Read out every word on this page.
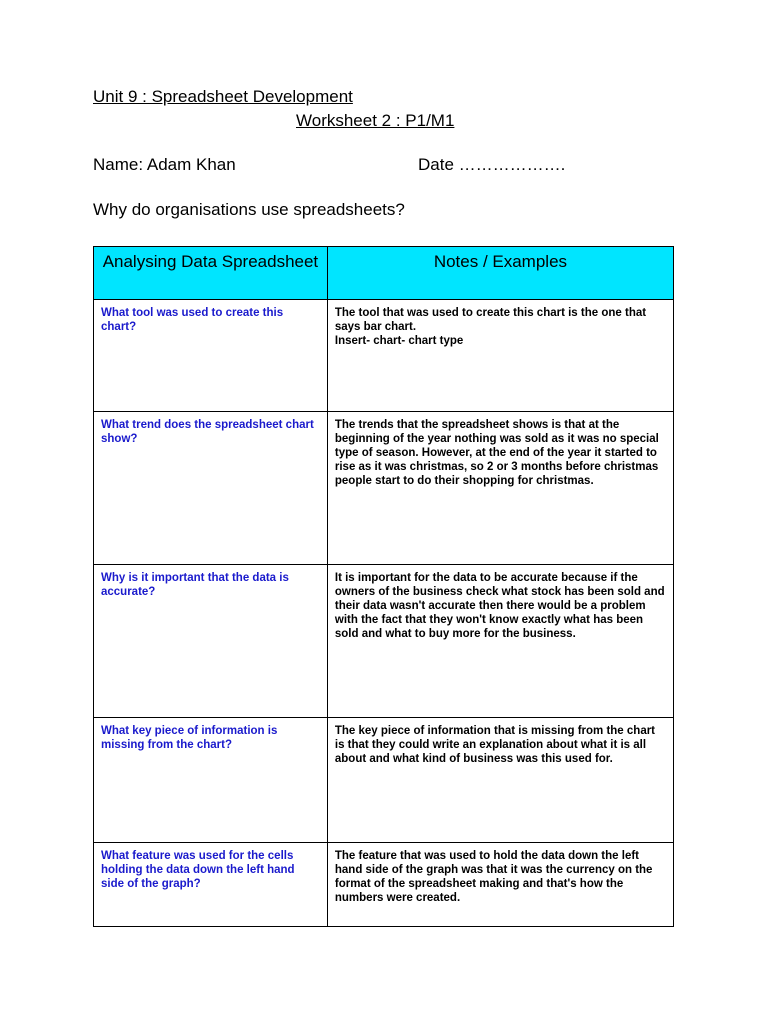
Unit 9 : Spreadsheet Development
Worksheet 2 : P1/M1
Name: Adam Khan	Date ……………….
Why do organisations use spreadsheets?
Analysing Data Spreadsheet	Notes / Examples
What tool was used to create this chart?	The tool that was used to create this chart is the one that says bar chart.
Insert- chart- chart type

What trend does the spreadsheet chart show?	The trends that the spreadsheet shows is that at the beginning of the year nothing was sold as it was no special type of season. However, at the end of the year it started to rise as it was christmas, so 2 or 3 months before christmas people start to do their shopping for christmas.

Why is it important that the data is accurate?	It is important for the data to be accurate because if the owners of the business check what stock has been sold and their data wasn't accurate then there would be a problem with the fact that they won't know exactly what has been sold and what to buy more for the business.

What key piece of information is missing from the chart?	The key piece of information that is missing from the chart is that they could write an explanation about what it is all about and what kind of business was this used for.

What feature was used for the cells holding the data down the left hand side of the graph?	The feature that was used to hold the data down the left hand side of the graph was that it was the currency on the format of the spreadsheet making and that's how the numbers were created.
